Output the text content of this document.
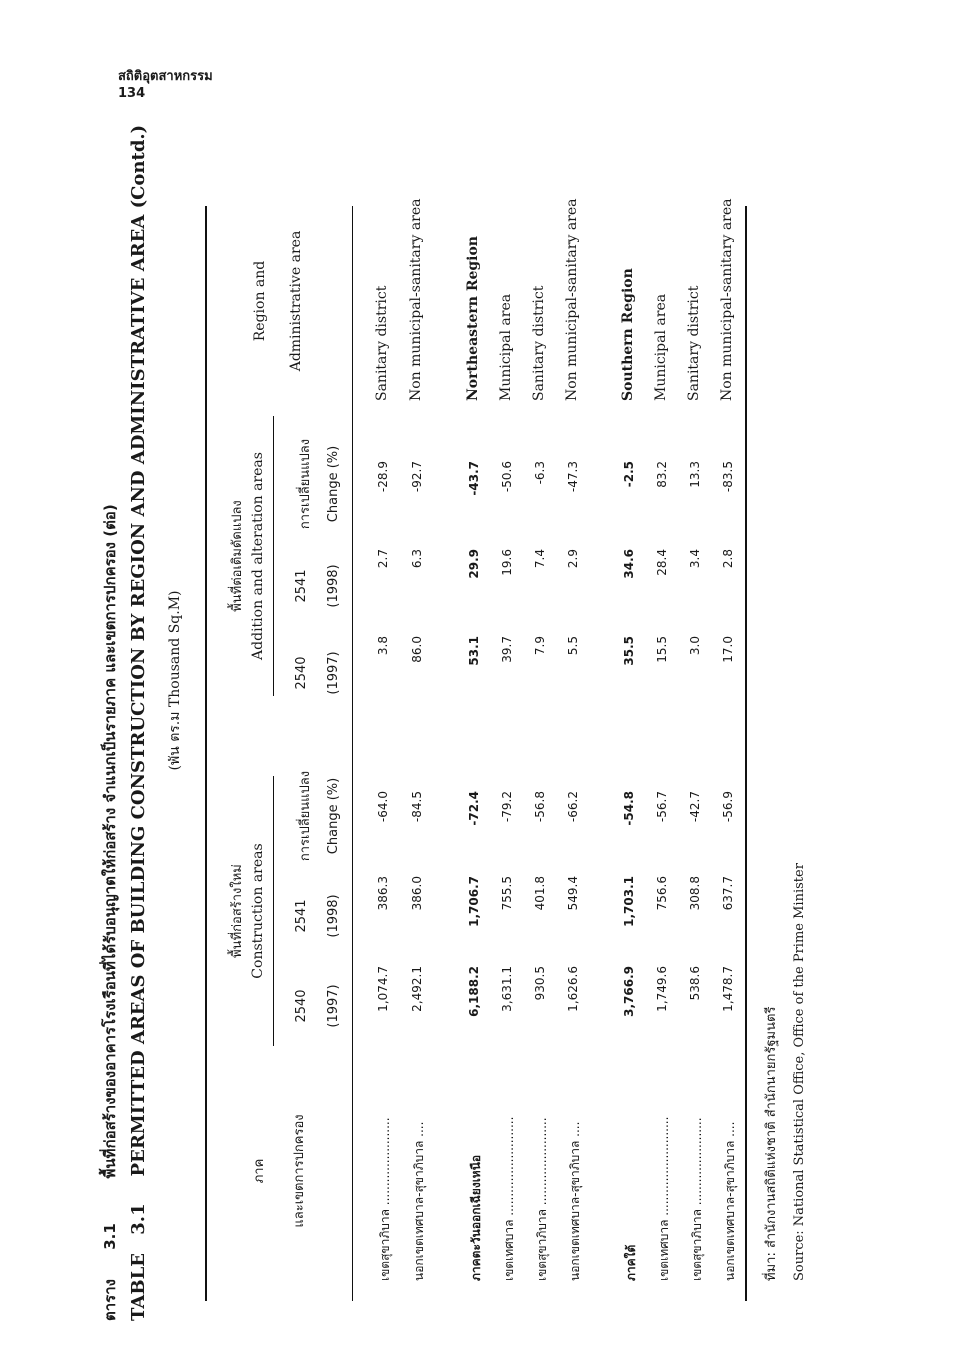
สถิติอุตสาหกรรม
134
ตาราง 3.1 พื้นที่ก่อสร้างของอาคารโรงเรือนที่ได้รับอนุญาตให้ก่อสร้าง จำแนกเป็นรายภาค และเขตการปกครอง (ต่อ)
TABLE 3.1 PERMITTED AREAS OF BUILDING CONSTRUCTION BY REGION AND ADMINISTRATIVE AREA (Contd.) (พัน ตร.ม Thousand Sq.M)
ภาค	และเขตการปกครอง
พื้นที่ก่อสร้างใหม่ Construction areas
พื้นที่ต่อเติมดัดแปลง Addition and alteration areas
2540 (1997)
2541 (1998)
การเปลี่ยนแปลง Change (%)
2540 (1997)
2541 (1998)
การเปลี่ยนแปลง Change (%)
Region and Administrative area
เขตสุขาภิบาล .......................
1,074.7
386.3
-64.0
3.8
2.7
-28.9
Sanitary district
นอกเขตเทศบาล-สุขาภิบาล ....
2,492.1
386.0
-84.5
86.0
6.3
-92.7
Non municipal-sanitary area
ภาคตะวันออกเฉียงเหนือ
6,188.2
1,706.7
-72.4
53.1
29.9
-43.7
Northeastern Region
เขตเทศบาล ..........................
3,631.1
755.5
-79.2
39.7
19.6
-50.6
Municipal area
เขตสุขาภิบาล .......................
930.5
401.8
-56.8
7.9
7.4
-6.3
Sanitary district
นอกเขตเทศบาล-สุขาภิบาล ....
1,626.6
549.4
-66.2
5.5
2.9
-47.3
Non municipal-sanitary area
ภาคใต้
3,766.9
1,703.1
-54.8
35.5
34.6
-2.5
Southern Region
เขตเทศบาล ..........................
1,749.6
756.6
-56.7
15.5
28.4
83.2
Municipal area
เขตสุขาภิบาล .......................
538.6
308.8
-42.7
3.0
3.4
13.3
Sanitary district
นอกเขตเทศบาล-สุขาภิบาล ....
1,478.7
637.7
-56.9
17.0
2.8
-83.5
Non municipal-sanitary area
ที่มา: สำนักงานสถิติแห่งชาติ สำนักนายกรัฐมนตรี Source: National Statistical Office, Office of the Prime Minister
